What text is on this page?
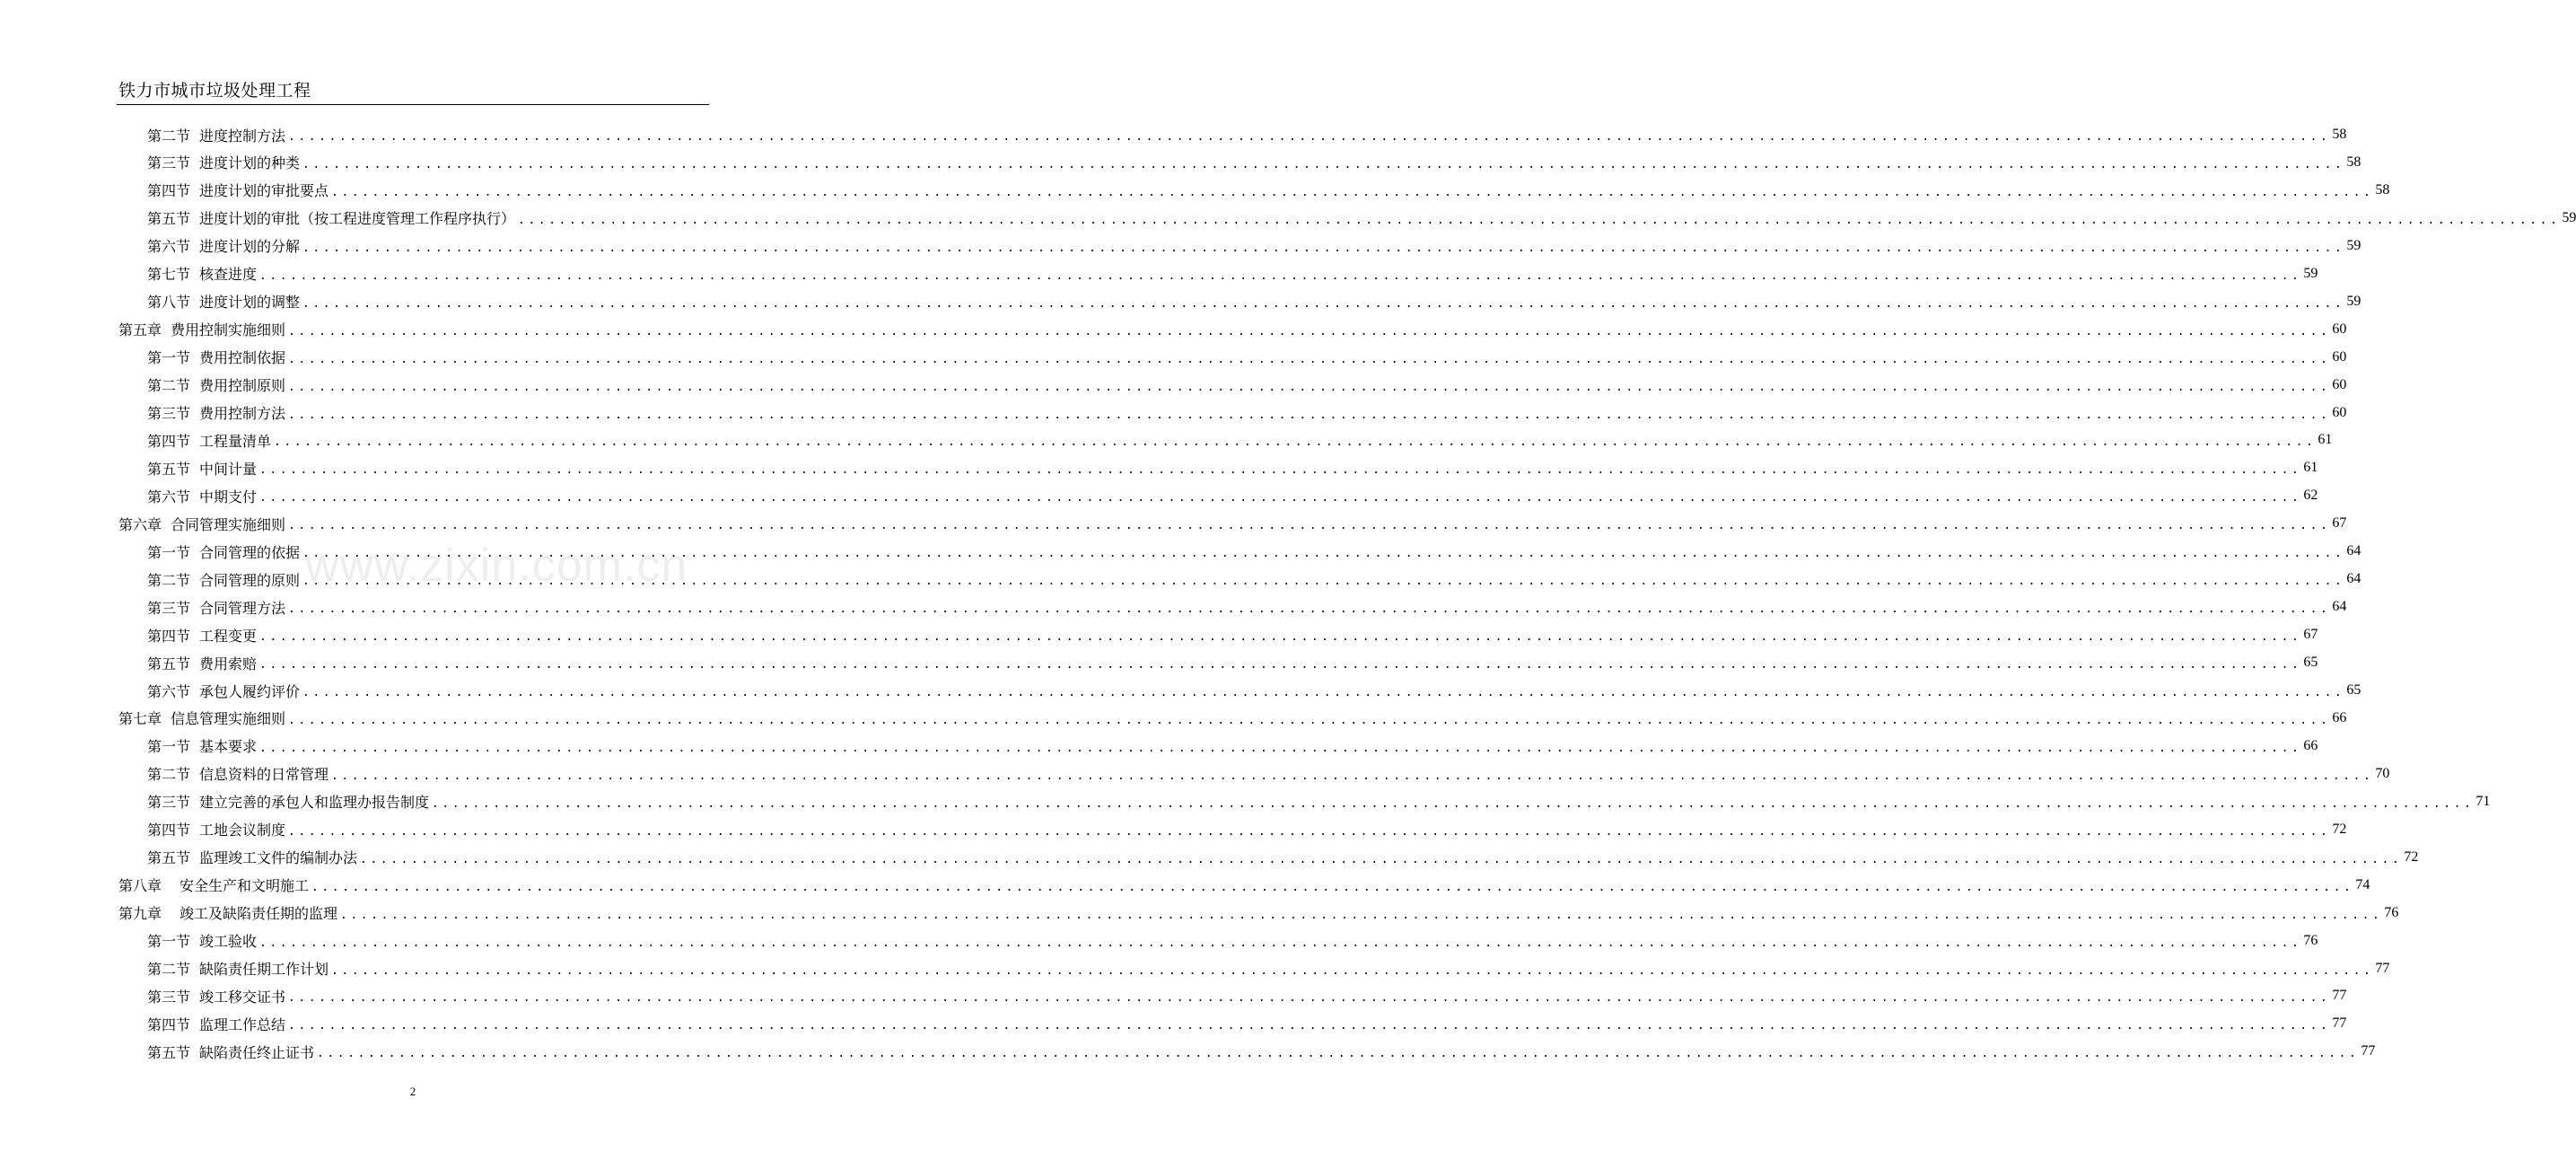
铁力市城市垃圾处理工程
www.zixin.com.cn
第二节 进度控制方法 ........................................................................................................................................................................................................ 58
第三节 进度计划的种类 ........................................................................................................................................................................................................ 58
第四节 进度计划的审批要点 ........................................................................................................................................................................................................ 58
第五节 进度计划的审批（按工程进度管理工作程序执行） ........................................................................................................................................................................................................ 59
第六节 进度计划的分解 ........................................................................................................................................................................................................ 59
第七节 核查进度 ........................................................................................................................................................................................................ 59
第八节 进度计划的调整 ........................................................................................................................................................................................................ 59
第五章 费用控制实施细则 ........................................................................................................................................................................................................ 60
第一节 费用控制依据 ........................................................................................................................................................................................................ 60
第二节 费用控制原则 ........................................................................................................................................................................................................ 60
第三节 费用控制方法 ........................................................................................................................................................................................................ 60
第四节 工程量清单 ........................................................................................................................................................................................................ 61
第五节 中间计量 ........................................................................................................................................................................................................ 61
第六节 中期支付 ........................................................................................................................................................................................................ 62
第六章 合同管理实施细则 ........................................................................................................................................................................................................ 67
第一节 合同管理的依据 ........................................................................................................................................................................................................ 64
第二节 合同管理的原则 ........................................................................................................................................................................................................ 64
第三节 合同管理方法 ........................................................................................................................................................................................................ 64
第四节 工程变更 ........................................................................................................................................................................................................ 67
第五节 费用索赔 ........................................................................................................................................................................................................ 65
第六节 承包人履约评价 ........................................................................................................................................................................................................ 65
第七章 信息管理实施细则 ........................................................................................................................................................................................................ 66
第一节 基本要求 ........................................................................................................................................................................................................ 66
第二节 信息资料的日常管理 ........................................................................................................................................................................................................ 70
第三节 建立完善的承包人和监理办报告制度 ........................................................................................................................................................................................................ 71
第四节 工地会议制度 ........................................................................................................................................................................................................ 72
第五节 监理竣工文件的编制办法 ........................................................................................................................................................................................................ 72
第八章 安全生产和文明施工 ........................................................................................................................................................................................................ 74
第九章 竣工及缺陷责任期的监理 ........................................................................................................................................................................................................ 76
第一节 竣工验收 ........................................................................................................................................................................................................ 76
第二节 缺陷责任期工作计划 ........................................................................................................................................................................................................ 77
第三节 竣工移交证书 ........................................................................................................................................................................................................ 77
第四节 监理工作总结 ........................................................................................................................................................................................................ 77
第五节 缺陷责任终止证书 ........................................................................................................................................................................................................ 77
2
